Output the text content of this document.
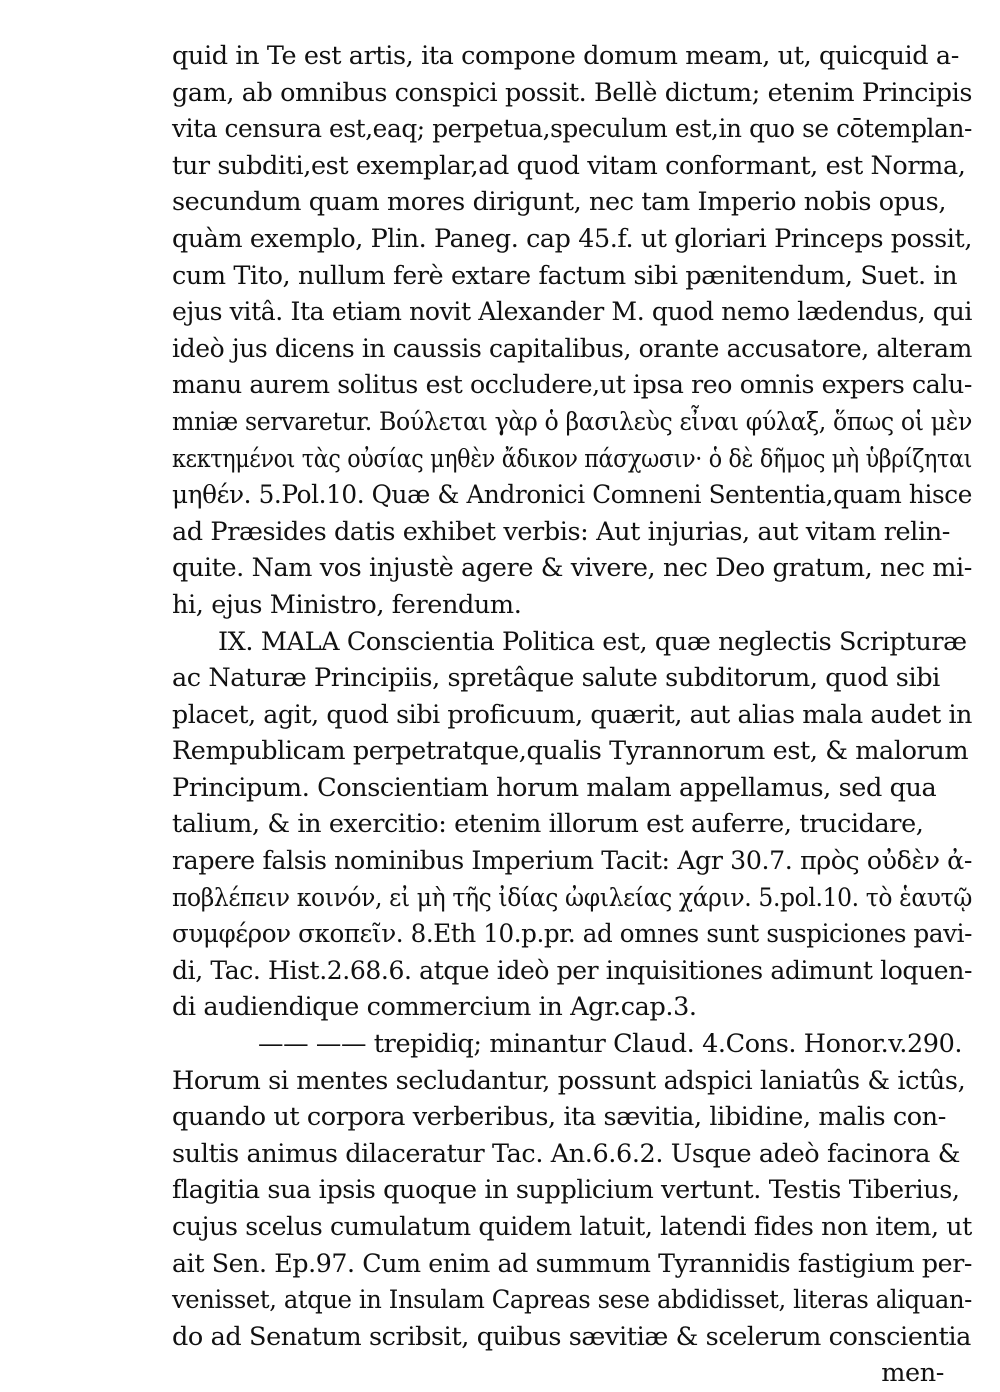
quid in Te est artis, ita compone domum meam, ut, quicquid a-
gam, ab omnibus conspici possit. Bellè dictum; etenim Principis
vita censura est,eaq; perpetua,speculum est,in quo se cōtemplan-
tur subditi,est exemplar,ad quod vitam conformant, est Norma,
secundum quam mores dirigunt, nec tam Imperio nobis opus,
quàm exemplo, Plin. Paneg. cap 45.f. ut gloriari Princeps possit,
cum Tito, nullum ferè extare factum sibi pænitendum, Suet. in
ejus vitâ. Ita etiam novit Alexander M. quod nemo lædendus, qui
ideò jus dicens in caussis capitalibus, orante accusatore, alteram
manu aurem solitus est occludere,ut ipsa reo omnis expers calu-
mniæ servaretur. Βούλεται γὰρ ὁ βασιλεὺς εἶναι φύλαξ, ὅπως οἱ μὲν
κεκτημένοι τὰς οὐσίας μηθὲν ἄδικον πάσχωσιν· ὁ δὲ δῆμος μὴ ὑβρίζηται
μηθέν. 5.Pol.10. Quæ & Andronici Comneni Sententia,quam hisce
ad Præsides datis exhibet verbis: Aut injurias, aut vitam relin-
quite. Nam vos injustè agere & vivere, nec Deo gratum, nec mi-
hi, ejus Ministro, ferendum.
IX. MALA Conscientia Politica est, quæ neglectis Scripturæ
ac Naturæ Principiis, spretâque salute subditorum, quod sibi
placet, agit, quod sibi proficuum, quærit, aut alias mala audet in
Rempublicam perpetratque,qualis Tyrannorum est, & malorum
Principum. Conscientiam horum malam appellamus, sed qua
talium, & in exercitio: etenim illorum est auferre, trucidare,
rapere falsis nominibus Imperium Tacit: Agr 30.7. πρὸς οὐδὲν ἀ-
ποβλέπειν κοινόν, εἰ μὴ τῆς ἰδίας ὠφιλείας χάριν. 5.pol.10. τὸ ἑαυτῷ
συμφέρον σκοπεῖν. 8.Eth 10.p.pr. ad omnes sunt suspiciones pavi-
di, Tac. Hist.2.68.6. atque ideò per inquisitiones adimunt loquen-
di audiendique commercium in Agr.cap.3.
—— —— trepidiq; minantur Claud. 4.Cons. Honor.v.290.
Horum si mentes secludantur, possunt adspici laniatûs & ictûs,
quando ut corpora verberibus, ita sævitia, libidine, malis con-
sultis animus dilaceratur Tac. An.6.6.2. Usque adeò facinora &
flagitia sua ipsis quoque in supplicium vertunt. Testis Tiberius,
cujus scelus cumulatum quidem latuit, latendi fides non item, ut
ait Sen. Ep.97. Cum enim ad summum Tyrannidis fastigium per-
venisset, atque in Insulam Capreas sese abdidisset, literas aliquan-
do ad Senatum scribsit, quibus sævitiæ & scelerum conscientia
men-
